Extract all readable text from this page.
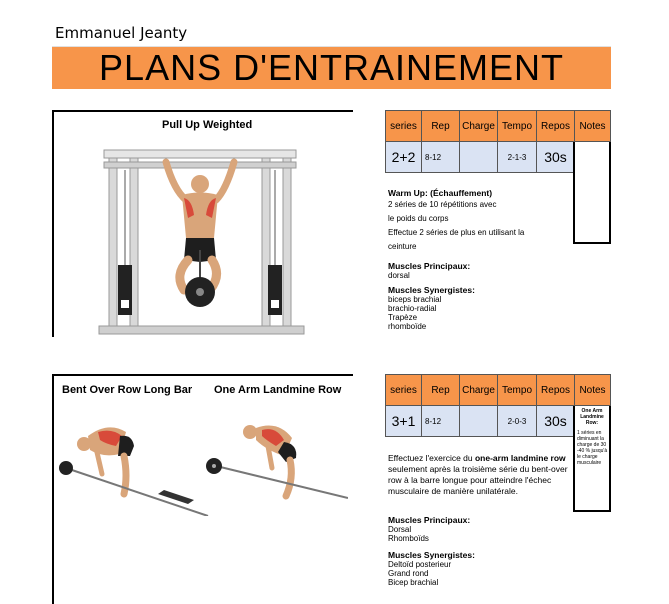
Emmanuel Jeanty
PLANS D'ENTRAINEMENT
Pull Up Weighted	series	Rep	Charge	Tempo	Repos	Notes
2+2	8-12		2-1-3	30s	
Warm Up: (Échauffement)
2 séries de 10 répétitions avec
le poids du corps
Effectue 2 séries de plus en utilisant la
ceinture
Muscles Principaux:
dorsal
Muscles Synergistes:
biceps brachial
brachio-radial
Trapèze
rhomboïde
Bent Over Row Long Bar One Arm Landmine Row	series	Rep	Charge	Tempo	Repos	Notes
3+1	8-12		2-0-3	30s	
One Arm Landmine Row:
1 séries en diminuant la charge de 30 -40 % jusqu'à le charge musculaire
Effectuez l'exercice du one-arm landmine row seulement après la troisième série du bent-over row à la barre longue pour atteindre l'échec musculaire de manière unilatérale.
Muscles Principaux:
Dorsal
Rhomboïds
Muscles Synergistes:
Deltoïd posterieur
Grand rond
Bicep brachial
